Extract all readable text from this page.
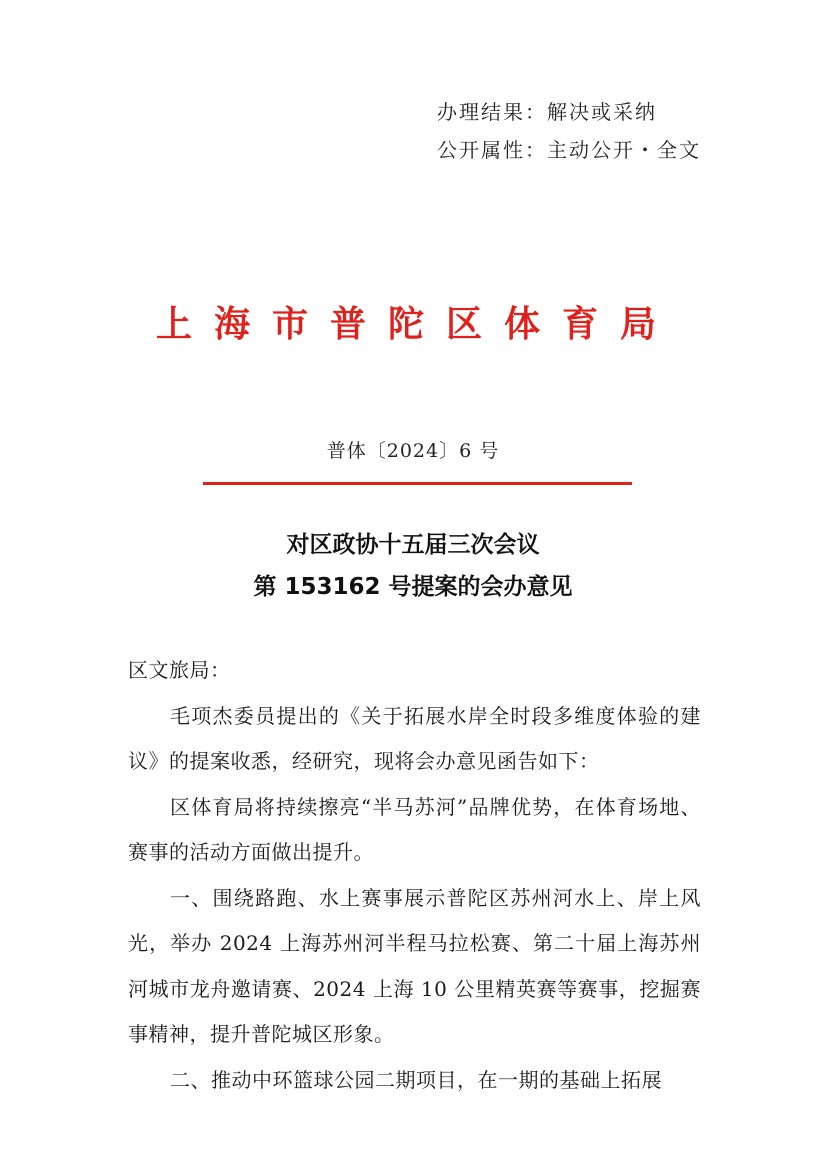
办理结果：解决或采纳
公开属性：主动公开・全文
上海市普陀区体育局
普体〔2024〕6 号
对区政协十五届三次会议
第 153162 号提案的会办意见

区文旅局：

毛项杰委员提出的《关于拓展水岸全时段多维度体验的建议》的提案收悉，经研究，现将会办意见函告如下：

区体育局将持续擦亮“半马苏河”品牌优势，在体育场地、赛事的活动方面做出提升。

一、围绕路跑、水上赛事展示普陀区苏州河水上、岸上风光，举办 2024 上海苏州河半程马拉松赛、第二十届上海苏州河城市龙舟邀请赛、2024 上海 10 公里精英赛等赛事，挖掘赛事精神，提升普陀城区形象。

二、推动中环篮球公园二期项目，在一期的基础上拓展
